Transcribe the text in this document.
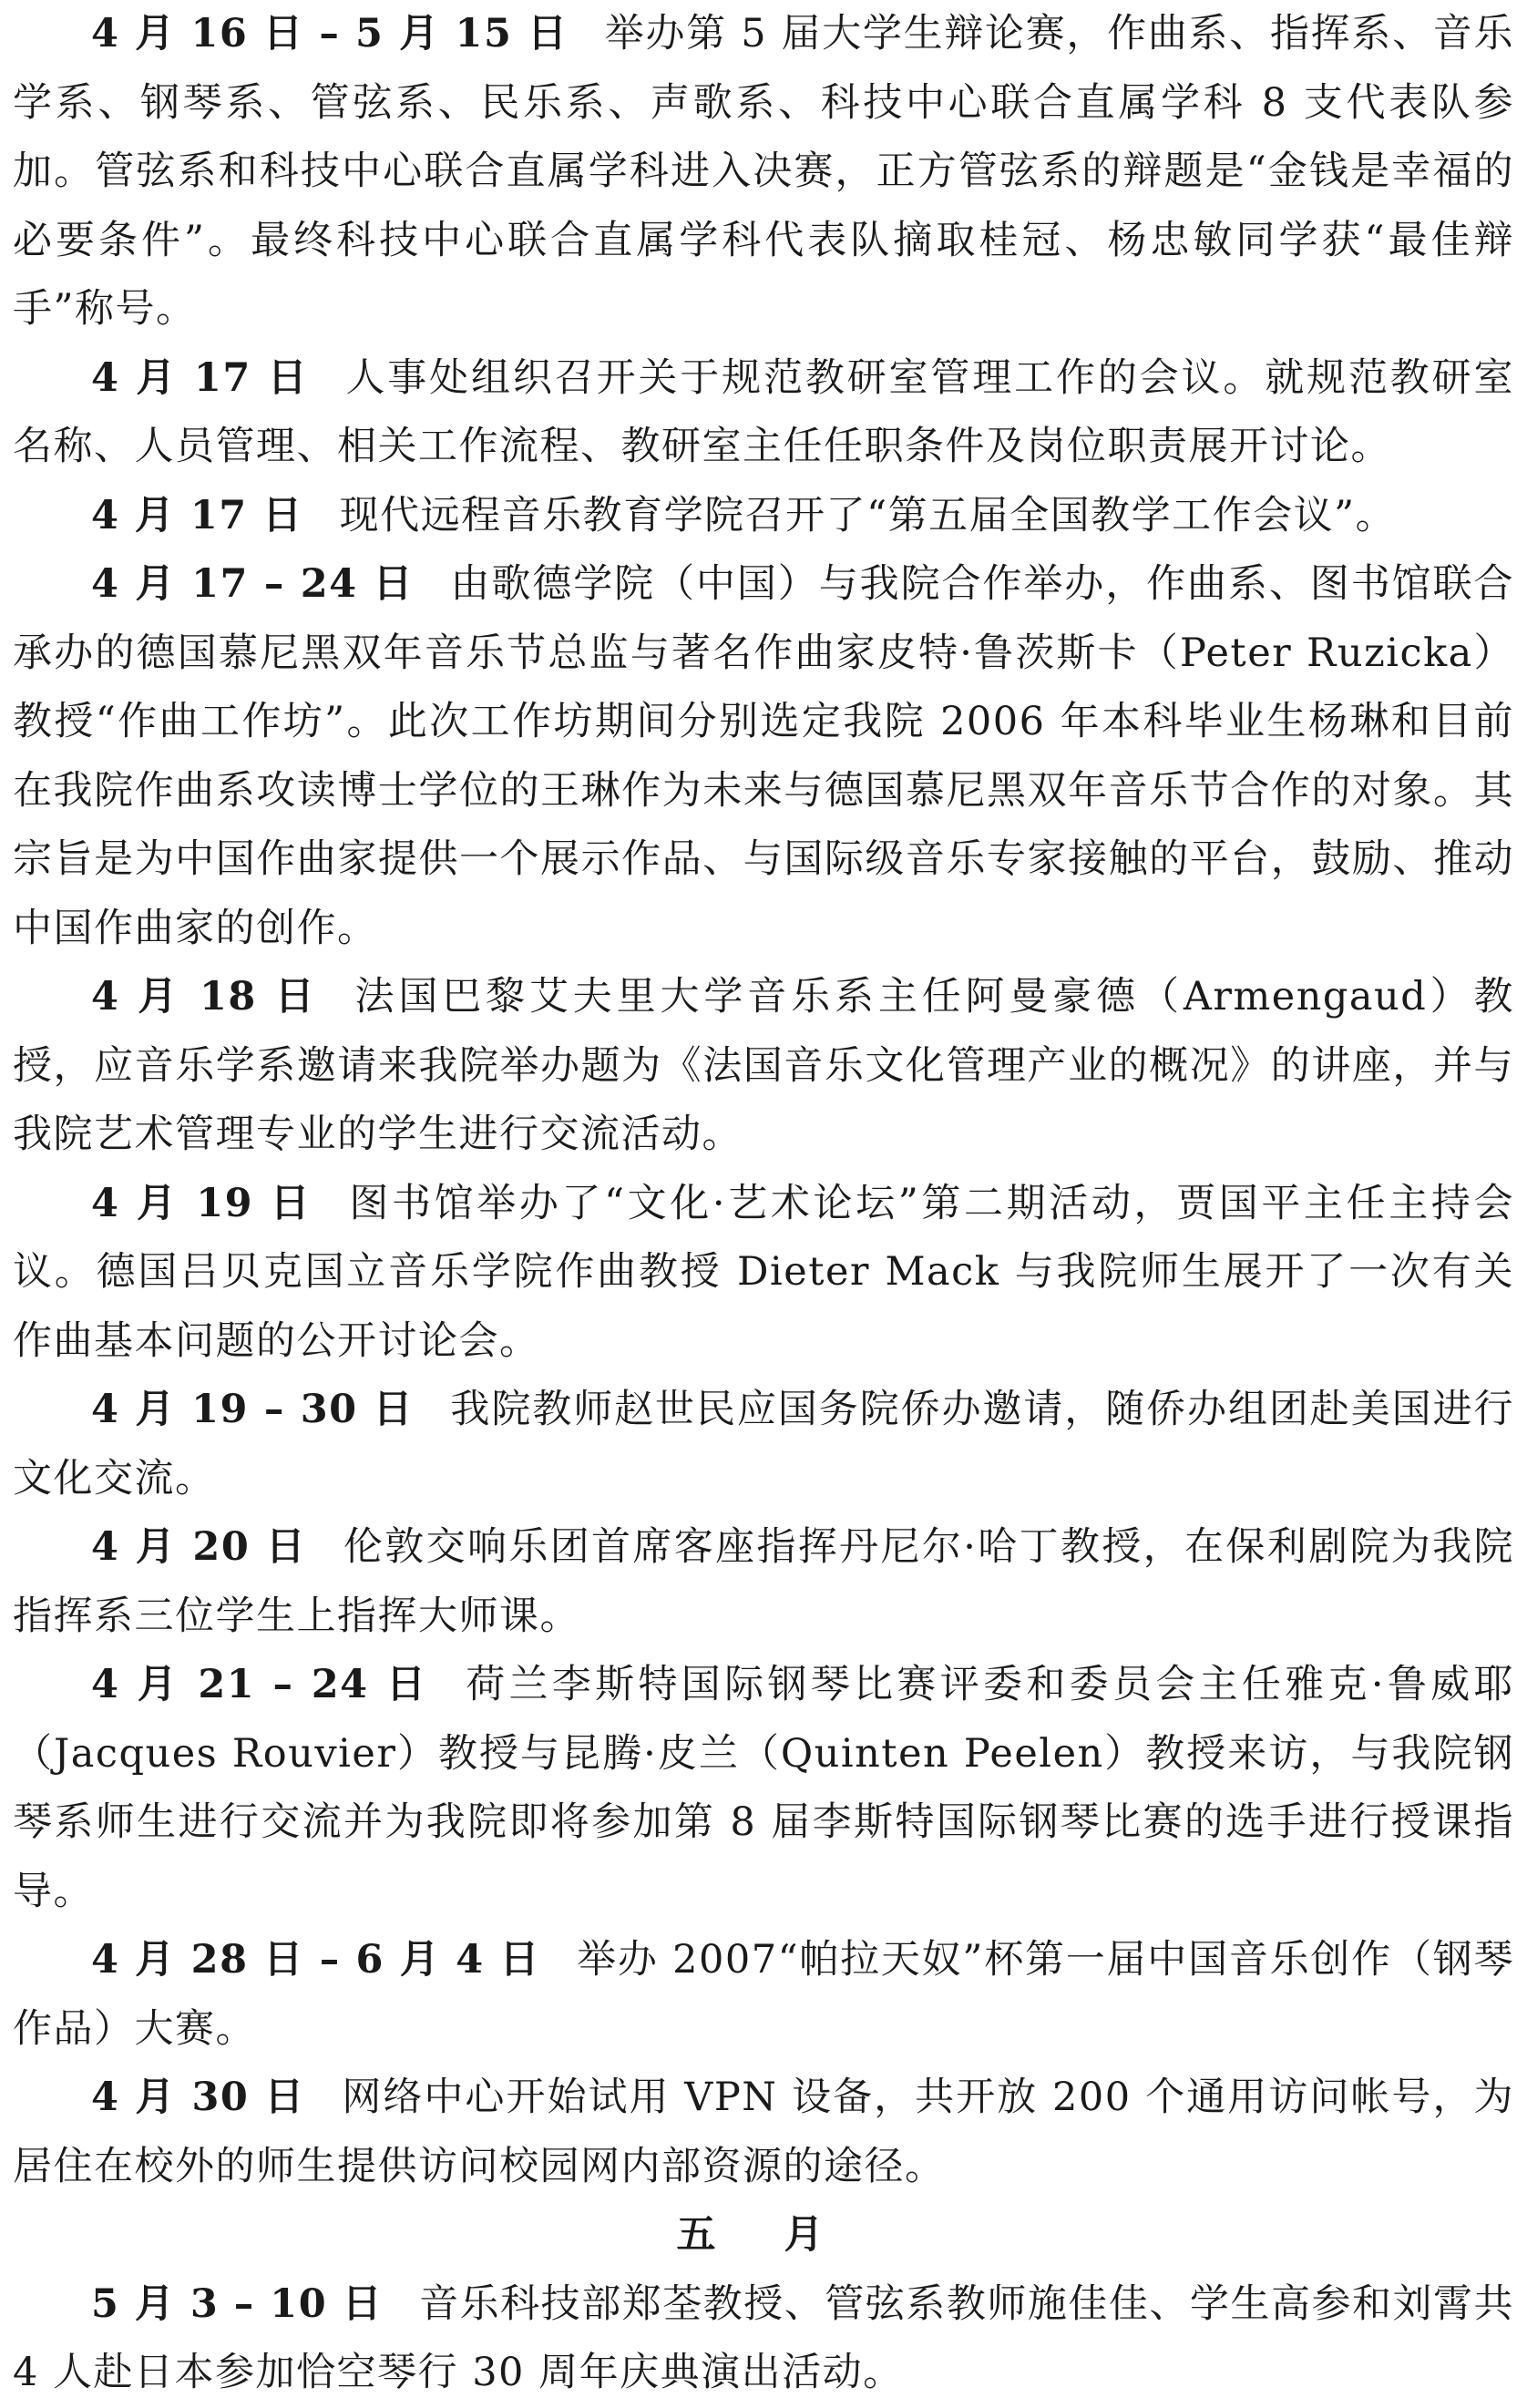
4 月 16 日 – 5 月 15 日 举办第 5 届大学生辩论赛，作曲系、指挥系、音乐学系、钢琴系、管弦系、民乐系、声歌系、科技中心联合直属学科 8 支代表队参加。管弦系和科技中心联合直属学科进入决赛，正方管弦系的辩题是“金钱是幸福的必要条件”。最终科技中心联合直属学科代表队摘取桂冠、杨忠敏同学获“最佳辩手”称号。

4 月 17 日 人事处组织召开关于规范教研室管理工作的会议。就规范教研室名称、人员管理、相关工作流程、教研室主任任职条件及岗位职责展开讨论。

4 月 17 日 现代远程音乐教育学院召开了“第五届全国教学工作会议”。

4 月 17 – 24 日 由歌德学院（中国）与我院合作举办，作曲系、图书馆联合承办的德国慕尼黑双年音乐节总监与著名作曲家皮特·鲁茨斯卡（Peter Ruzicka）教授“作曲工作坊”。此次工作坊期间分别选定我院 2006 年本科毕业生杨琳和目前在我院作曲系攻读博士学位的王琳作为未来与德国慕尼黑双年音乐节合作的对象。其宗旨是为中国作曲家提供一个展示作品、与国际级音乐专家接触的平台，鼓励、推动中国作曲家的创作。

4 月 18 日 法国巴黎艾夫里大学音乐系主任阿曼豪德（Armengaud）教授，应音乐学系邀请来我院举办题为《法国音乐文化管理产业的概况》的讲座，并与我院艺术管理专业的学生进行交流活动。

4 月 19 日 图书馆举办了“文化·艺术论坛”第二期活动，贾国平主任主持会议。德国吕贝克国立音乐学院作曲教授 Dieter Mack 与我院师生展开了一次有关作曲基本问题的公开讨论会。

4 月 19 – 30 日 我院教师赵世民应国务院侨办邀请，随侨办组团赴美国进行文化交流。

4 月 20 日 伦敦交响乐团首席客座指挥丹尼尔·哈丁教授，在保利剧院为我院指挥系三位学生上指挥大师课。

4 月 21 – 24 日 荷兰李斯特国际钢琴比赛评委和委员会主任雅克·鲁威耶（Jacques Rouvier）教授与昆腾·皮兰（Quinten Peelen）教授来访，与我院钢琴系师生进行交流并为我院即将参加第 8 届李斯特国际钢琴比赛的选手进行授课指导。

4 月 28 日 – 6 月 4 日 举办 2007“帕拉天奴”杯第一届中国音乐创作（钢琴作品）大赛。

4 月 30 日 网络中心开始试用 VPN 设备，共开放 200 个通用访问帐号，为居住在校外的师生提供访问校园网内部资源的途径。

五 月

5 月 3 – 10 日 音乐科技部郑荃教授、管弦系教师施佳佳、学生高参和刘霄共 4 人赴日本参加恰空琴行 30 周年庆典演出活动。
